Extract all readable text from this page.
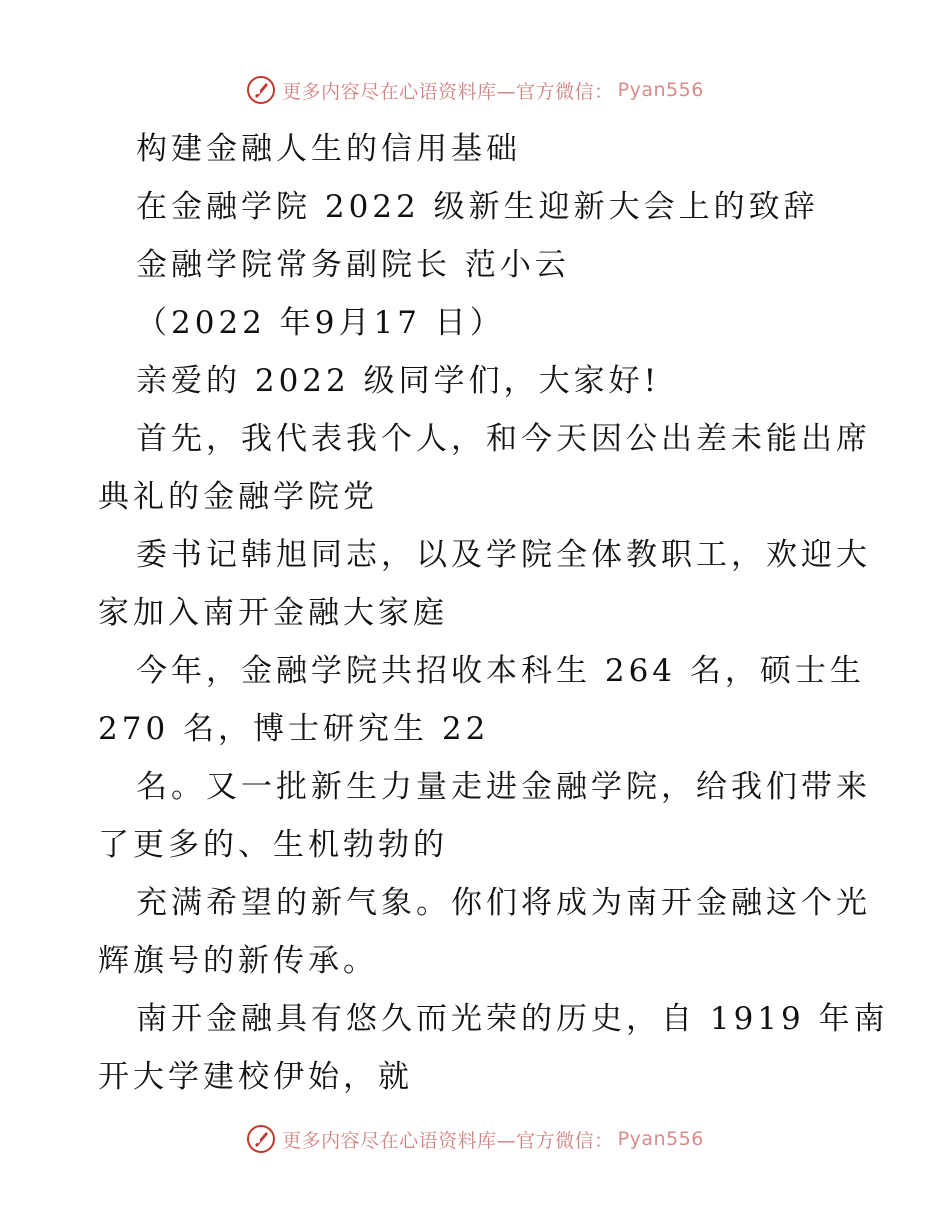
更多内容尽在心语资料库—官方微信： Pyan556
构建金融人生的信用基础
在金融学院 2022 级新生迎新大会上的致辞
金融学院常务副院长 范小云
（2022 年9月17 日）
亲爱的 2022 级同学们，大家好!
首先，我代表我个人，和今天因公出差未能出席
典礼的金融学院党
委书记韩旭同志，以及学院全体教职工，欢迎大
家加入南开金融大家庭
今年，金融学院共招收本科生 264 名，硕士生
270 名，博士研究生 22
名。又一批新生力量走进金融学院，给我们带来
了更多的、生机勃勃的
充满希望的新气象。你们将成为南开金融这个光
辉旗号的新传承。
南开金融具有悠久而光荣的历史，自 1919 年南
开大学建校伊始，就
更多内容尽在心语资料库—官方微信： Pyan556
